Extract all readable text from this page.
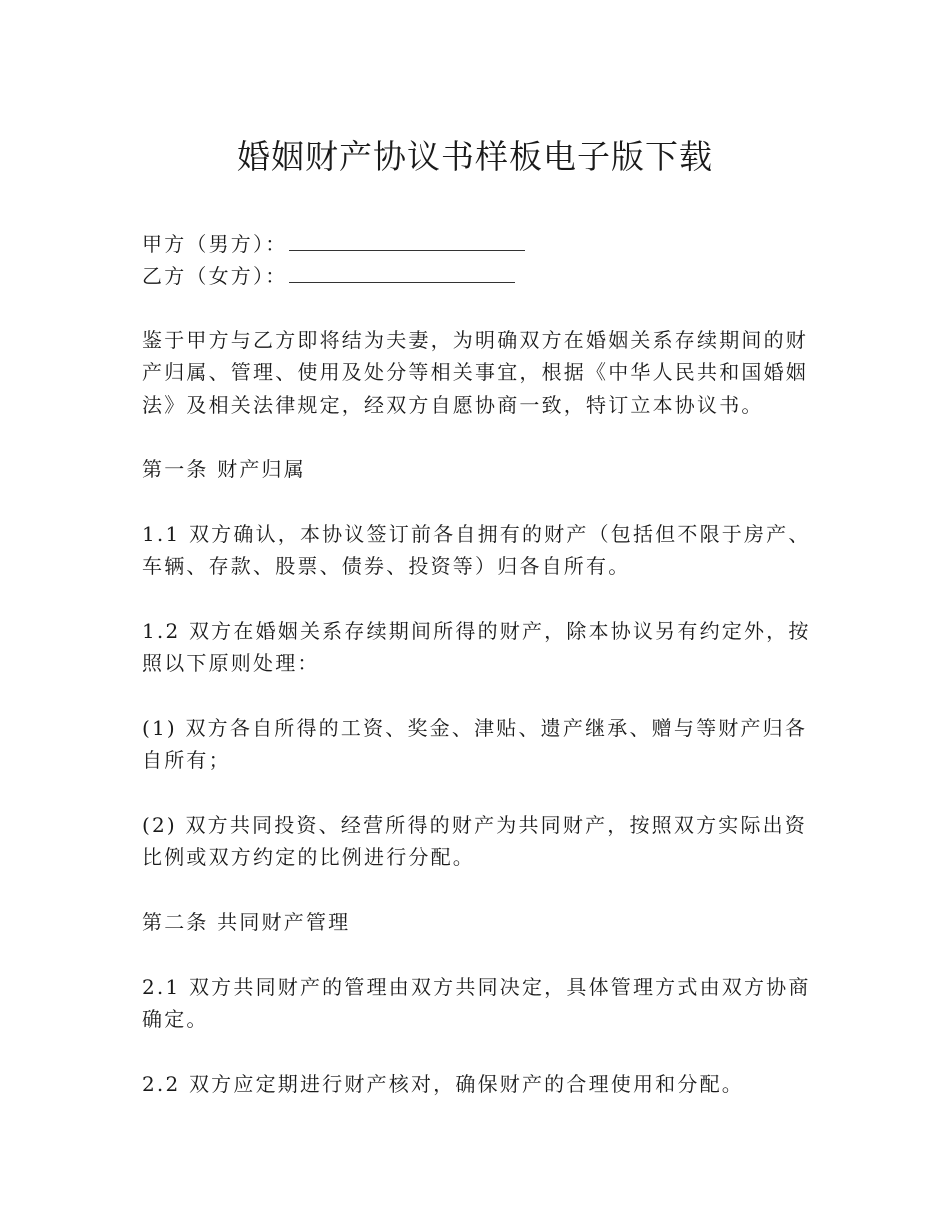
婚姻财产协议书样板电子版下载
甲方（男方）：
乙方（女方）：

鉴于甲方与乙方即将结为夫妻，为明确双方在婚姻关系存续期间的财

产归属、管理、使用及处分等相关事宜，根据《中华人民共和国婚姻

法》及相关法律规定，经双方自愿协商一致，特订立本协议书。

第一条 财产归属

1.1 双方确认，本协议签订前各自拥有的财产（包括但不限于房产、

车辆、存款、股票、债券、投资等）归各自所有。

1.2 双方在婚姻关系存续期间所得的财产，除本协议另有约定外，按

照以下原则处理：

(1) 双方各自所得的工资、奖金、津贴、遗产继承、赠与等财产归各

自所有；

(2) 双方共同投资、经营所得的财产为共同财产，按照双方实际出资

比例或双方约定的比例进行分配。

第二条 共同财产管理

2.1 双方共同财产的管理由双方共同决定，具体管理方式由双方协商

确定。

2.2 双方应定期进行财产核对，确保财产的合理使用和分配。
